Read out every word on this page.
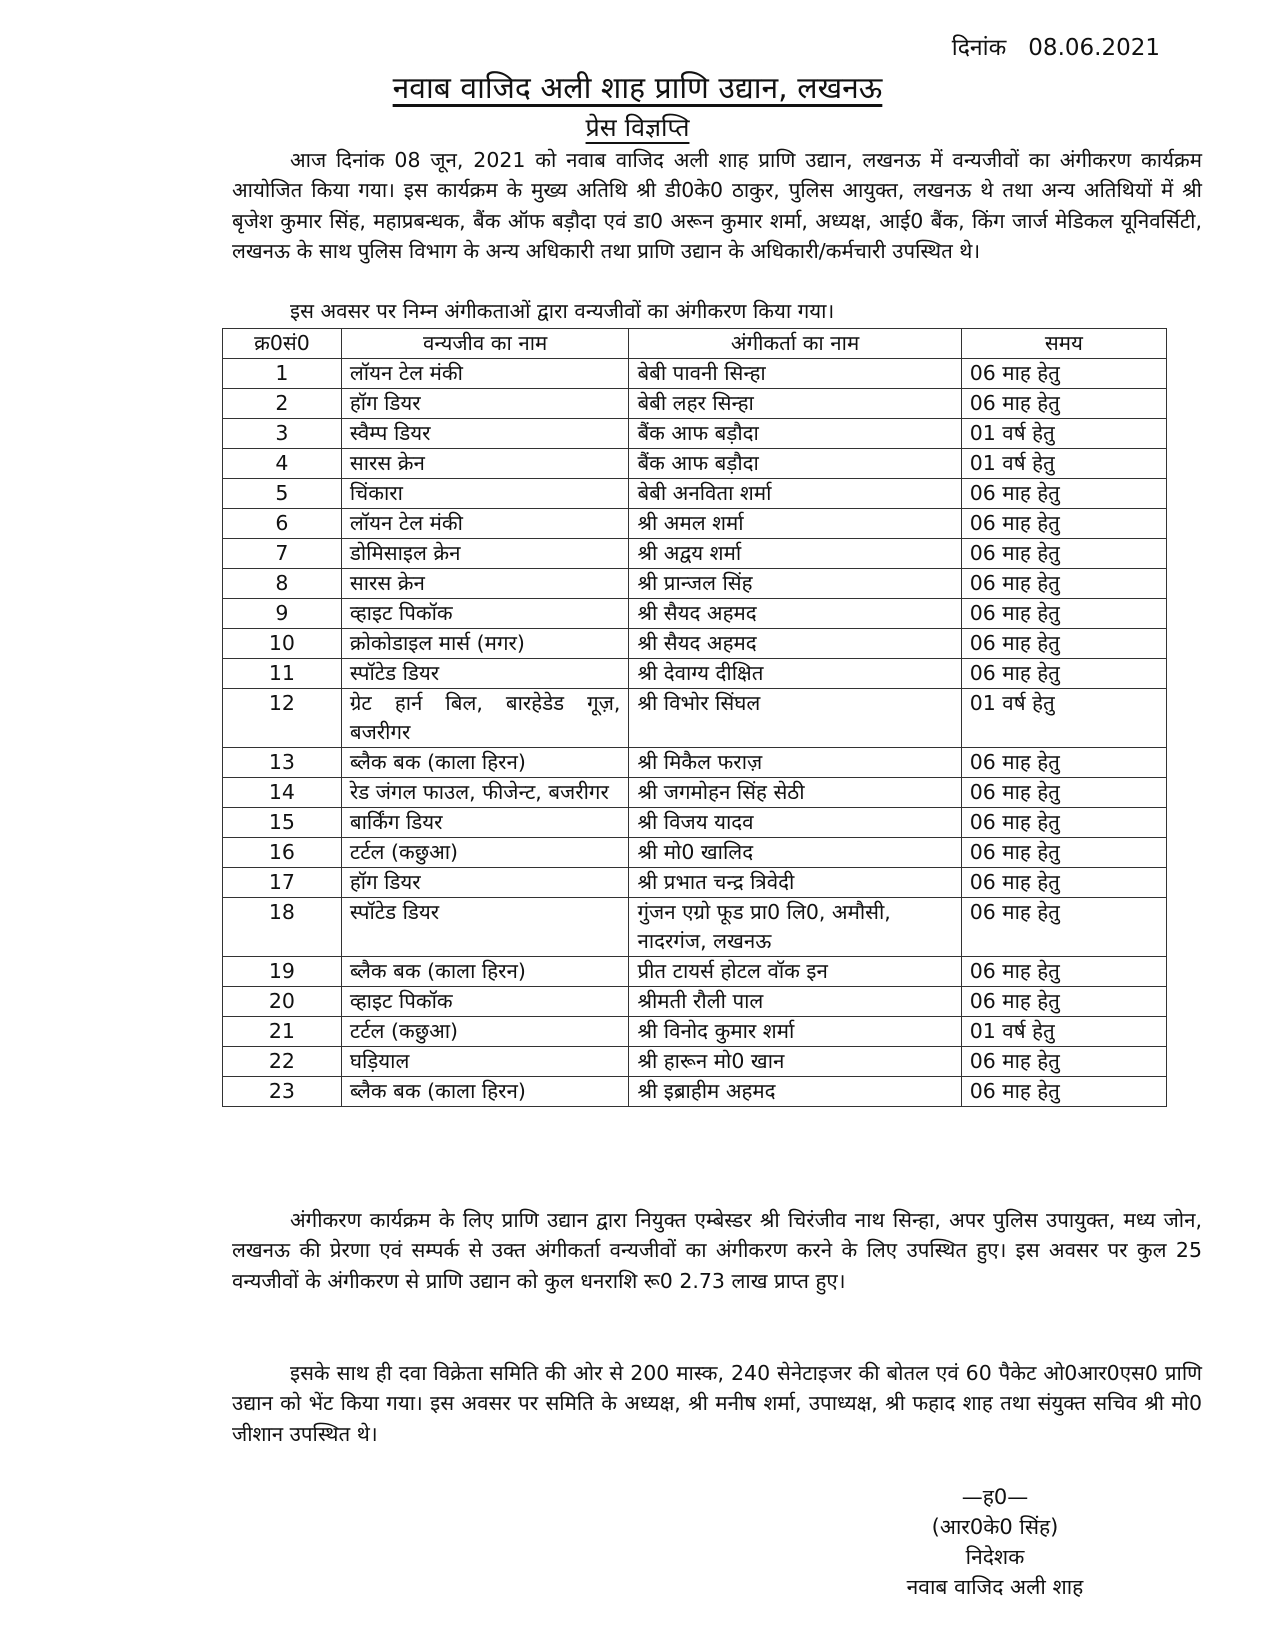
दिनांक 08.06.2021
नवाब वाजिद अली शाह प्राणि उद्यान, लखनऊ
प्रेस विज्ञप्ति

आज दिनांक 08 जून, 2021 को नवाब वाजिद अली शाह प्राणि उद्यान, लखनऊ में वन्यजीवों का अंगीकरण कार्यक्रम आयोजित किया गया। इस कार्यक्रम के मुख्य अतिथि श्री डी0के0 ठाकुर, पुलिस आयुक्त, लखनऊ थे तथा अन्य अतिथियों में श्री बृजेश कुमार सिंह, महाप्रबन्धक, बैंक ऑफ बड़ौदा एवं डा0 अरून कुमार शर्मा, अध्यक्ष, आई0 बैंक, किंग जार्ज मेडिकल यूनिवर्सिटी, लखनऊ के साथ पुलिस विभाग के अन्य अधिकारी तथा प्राणि उद्यान के अधिकारी/कर्मचारी उपस्थित थे।

इस अवसर पर निम्न अंगीकताओं द्वारा वन्यजीवों का अंगीकरण किया गया।

क्र0सं0	वन्यजीव का नाम	अंगीकर्ता का नाम	समय
1	लॉयन टेल मंकी	बेबी पावनी सिन्हा	06 माह हेतु
2	हॉग डियर	बेबी लहर सिन्हा	06 माह हेतु
3	स्वैम्प डियर	बैंक आफ बड़ौदा	01 वर्ष हेतु
4	सारस क्रेन	बैंक आफ बड़ौदा	01 वर्ष हेतु
5	चिंकारा	बेबी अनविता शर्मा	06 माह हेतु
6	लॉयन टेल मंकी	श्री अमल शर्मा	06 माह हेतु
7	डोमिसाइल क्रेन	श्री अद्वय शर्मा	06 माह हेतु
8	सारस क्रेन	श्री प्रान्जल सिंह	06 माह हेतु
9	व्हाइट पिकॉक	श्री सैयद अहमद	06 माह हेतु
10	क्रोकोडाइल मार्स (मगर)	श्री सैयद अहमद	06 माह हेतु
11	स्पॉटेड डियर	श्री देवाग्य दीक्षित	06 माह हेतु
12	ग्रेट हार्न बिल, बारहेडेड गूज़, बजरीगर	श्री विभोर सिंघल	01 वर्ष हेतु
13	ब्लैक बक (काला हिरन)	श्री मिकैल फराज़	06 माह हेतु
14	रेड जंगल फाउल, फीजेन्ट, बजरीगर	श्री जगमोहन सिंह सेठी	06 माह हेतु
15	बार्किंग डियर	श्री विजय यादव	06 माह हेतु
16	टर्टल (कछुआ)	श्री मो0 खालिद	06 माह हेतु
17	हॉग डियर	श्री प्रभात चन्द्र त्रिवेदी	06 माह हेतु
18	स्पॉटेड डियर	गुंजन एग्रो फूड प्रा0 लि0, अमौसी, नादरगंज, लखनऊ	06 माह हेतु
19	ब्लैक बक (काला हिरन)	प्रीत टायर्स होटल वॉक इन	06 माह हेतु
20	व्हाइट पिकॉक	श्रीमती रौली पाल	06 माह हेतु
21	टर्टल (कछुआ)	श्री विनोद कुमार शर्मा	01 वर्ष हेतु
22	घड़ियाल	श्री हारून मो0 खान	06 माह हेतु
23	ब्लैक बक (काला हिरन)	श्री इब्राहीम अहमद	06 माह हेतु

अंगीकरण कार्यक्रम के लिए प्राणि उद्यान द्वारा नियुक्त एम्बेस्डर श्री चिरंजीव नाथ सिन्हा, अपर पुलिस उपायुक्त, मध्य जोन, लखनऊ की प्रेरणा एवं सम्पर्क से उक्त अंगीकर्ता वन्यजीवों का अंगीकरण करने के लिए उपस्थित हुए। इस अवसर पर कुल 25 वन्यजीवों के अंगीकरण से प्राणि उद्यान को कुल धनराशि रू0 2.73 लाख प्राप्त हुए।

इसके साथ ही दवा विक्रेता समिति की ओर से 200 मास्क, 240 सेनेटाइजर की बोतल एवं 60 पैकेट ओ0आर0एस0 प्राणि उद्यान को भेंट किया गया। इस अवसर पर समिति के अध्यक्ष, श्री मनीष शर्मा, उपाध्यक्ष, श्री फहाद शाह तथा संयुक्त सचिव श्री मो0 जीशान उपस्थित थे।

—ह0—
(आर0के0 सिंह)
निदेशक
नवाब वाजिद अली शाह
